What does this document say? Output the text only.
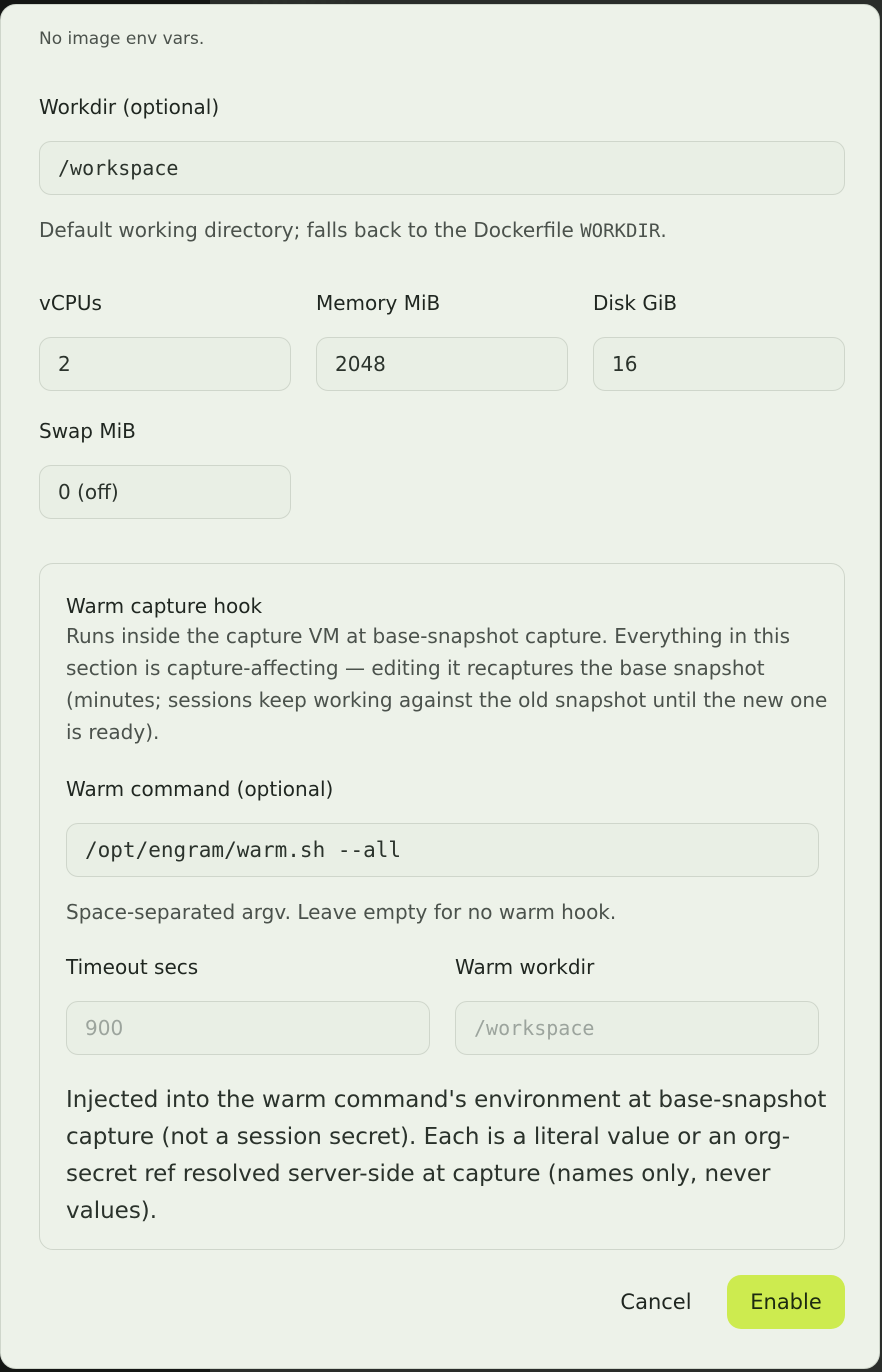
No image env vars.
Workdir (optional)
/workspace
Default working directory; falls back to the Dockerfile WORKDIR.
vCPUs
2
Memory MiB
2048
Disk GiB
16
Swap MiB
0 (off)
Warm capture hook
Runs inside the capture VM at base-snapshot capture. Everything in this
section is capture-affecting — editing it recaptures the base snapshot
(minutes; sessions keep working against the old snapshot until the new one
is ready).
Warm command (optional)
/opt/engram/warm.sh --all
Space-separated argv. Leave empty for no warm hook.
Timeout secs
900
Warm workdir
/workspace
Injected into the warm command's environment at base-snapshot
capture (not a session secret). Each is a literal value or an org-
secret ref resolved server-side at capture (names only, never
values).
Cancel	Enable
